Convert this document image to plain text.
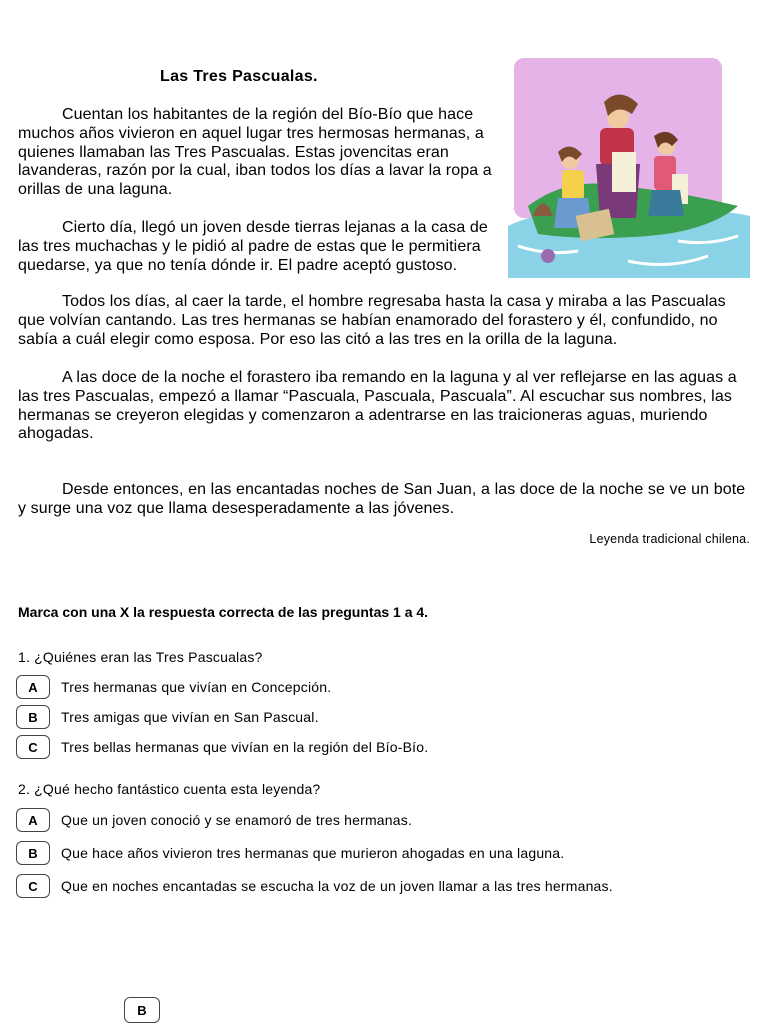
Las Tres Pascualas.

Cuentan los habitantes de la región del Bío-Bío que hace muchos años vivieron en aquel lugar tres hermosas hermanas, a quienes llamaban las Tres Pascualas. Estas jovencitas eran lavanderas, razón por la cual, iban todos los días a lavar la ropa a orillas de una laguna.

Cierto día, llegó un joven desde tierras lejanas a la casa de las tres muchachas y le pidió al padre de estas que le permitiera quedarse, ya que no tenía dónde ir. El padre aceptó gustoso.

Todos los días, al caer la tarde, el hombre regresaba hasta la casa y miraba a las Pascualas que volvían cantando. Las tres hermanas se habían enamorado del forastero y él, confundido, no sabía a cuál elegir como esposa. Por eso las citó a las tres en la orilla de la laguna.

A las doce de la noche el forastero iba remando en la laguna y al ver reflejarse en las aguas a las tres Pascualas, empezó a llamar “Pascuala, Pascuala, Pascuala”. Al escuchar sus nombres, las hermanas se creyeron elegidas y comenzaron a adentrarse en las traicioneras aguas, muriendo ahogadas.

Desde entonces, en las encantadas noches de San Juan, a las doce de la noche se ve un bote y surge una voz que llama desesperadamente a las jóvenes.

Leyenda tradicional chilena.
Marca con una X la respuesta correcta de las preguntas 1 a 4.
1. ¿Quiénes eran las Tres Pascualas?
A	Tres hermanas que vivían en Concepción.
B	Tres amigas que vivían en San Pascual.
C	Tres bellas hermanas que vivían en la región del Bío-Bío.
2. ¿Qué hecho fantástico cuenta esta leyenda?
A	Que un joven conoció y se enamoró de tres hermanas.
B	Que hace años vivieron tres hermanas que murieron ahogadas en una laguna.
C	Que en noches encantadas se escucha la voz de un joven llamar a las tres hermanas.
B
